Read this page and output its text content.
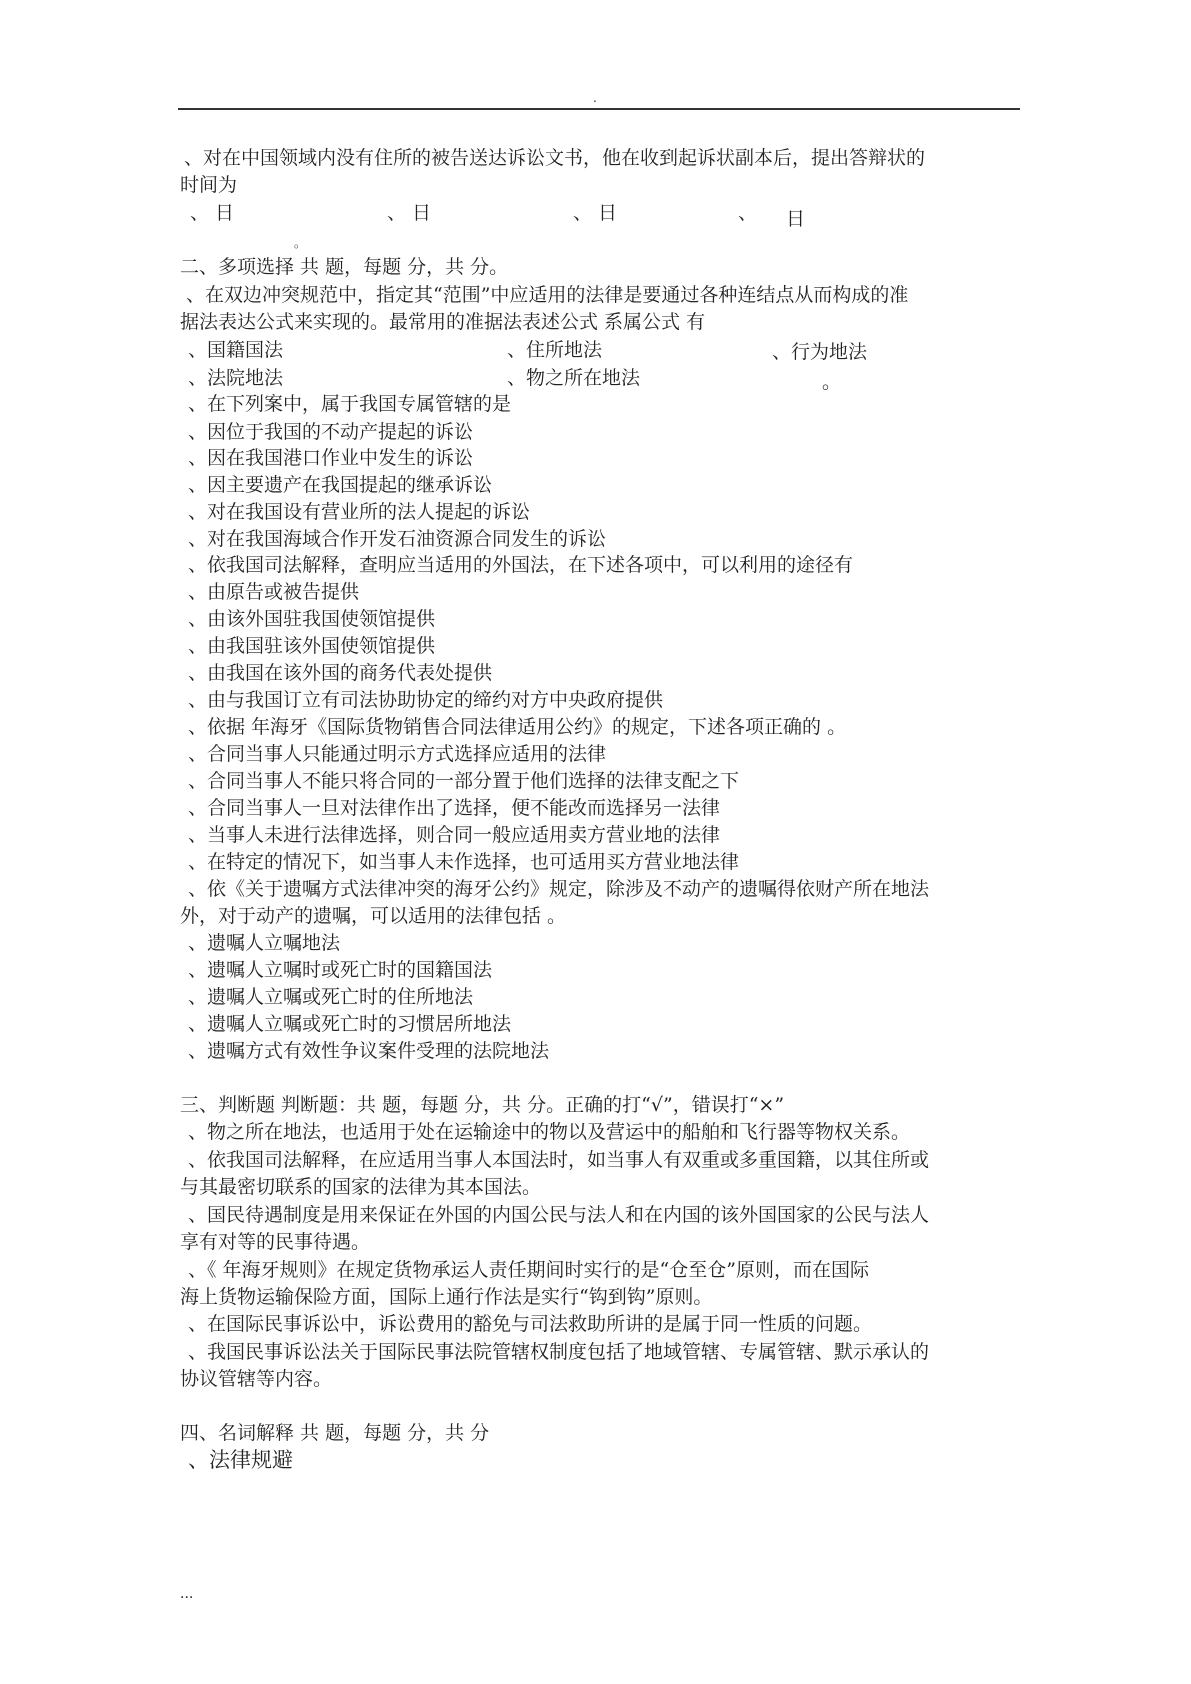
.
、对在中国领域内没有住所的被告送达诉讼文书，他在收到起诉状副本后，提出答辩状的
时间为
、 日	、 日	、 日	、 日
。
二、多项选择 共 题，每题 分，共 分。
、在双边冲突规范中，指定其“范围”中应适用的法律是要通过各种连结点从而构成的准
据法表达公式来实现的。最常用的准据法表述公式 系属公式 有
、国籍国法	、住所地法	、行为地法
、法院地法	、物之所在地法	。
、在下列案中，属于我国专属管辖的是
、因位于我国的不动产提起的诉讼
、因在我国港口作业中发生的诉讼
、因主要遗产在我国提起的继承诉讼
、对在我国设有营业所的法人提起的诉讼
、对在我国海域合作开发石油资源合同发生的诉讼
、依我国司法解释，查明应当适用的外国法，在下述各项中，可以利用的途径有
、由原告或被告提供
、由该外国驻我国使领馆提供
、由我国驻该外国使领馆提供
、由我国在该外国的商务代表处提供
、由与我国订立有司法协助协定的缔约对方中央政府提供
、依据 年海牙《国际货物销售合同法律适用公约》的规定，下述各项正确的 。
、合同当事人只能通过明示方式选择应适用的法律
、合同当事人不能只将合同的一部分置于他们选择的法律支配之下
、合同当事人一旦对法律作出了选择，便不能改而选择另一法律
、当事人未进行法律选择，则合同一般应适用卖方营业地的法律
、在特定的情况下，如当事人未作选择，也可适用买方营业地法律
、依《关于遗嘱方式法律冲突的海牙公约》规定，除涉及不动产的遗嘱得依财产所在地法
外，对于动产的遗嘱，可以适用的法律包括 。
、遗嘱人立嘱地法
、遗嘱人立嘱时或死亡时的国籍国法
、遗嘱人立嘱或死亡时的住所地法
、遗嘱人立嘱或死亡时的习惯居所地法
、遗嘱方式有效性争议案件受理的法院地法
三、判断题 判断题：共 题，每题 分，共 分。正确的打“√”，错误打“×”
、物之所在地法，也适用于处在运输途中的物以及营运中的船舶和飞行器等物权关系。
、依我国司法解释，在应适用当事人本国法时，如当事人有双重或多重国籍，以其住所或
与其最密切联系的国家的法律为其本国法。
、国民待遇制度是用来保证在外国的内国公民与法人和在内国的该外国国家的公民与法人
享有对等的民事待遇。
、《 年海牙规则》在规定货物承运人责任期间时实行的是“仓至仓”原则，而在国际
海上货物运输保险方面，国际上通行作法是实行“钩到钩”原则。
、在国际民事诉讼中，诉讼费用的豁免与司法救助所讲的是属于同一性质的问题。
、我国民事诉讼法关于国际民事法院管辖权制度包括了地域管辖、专属管辖、默示承认的
协议管辖等内容。
四、名词解释 共 题，每题 分，共 分
、法律规避
...
